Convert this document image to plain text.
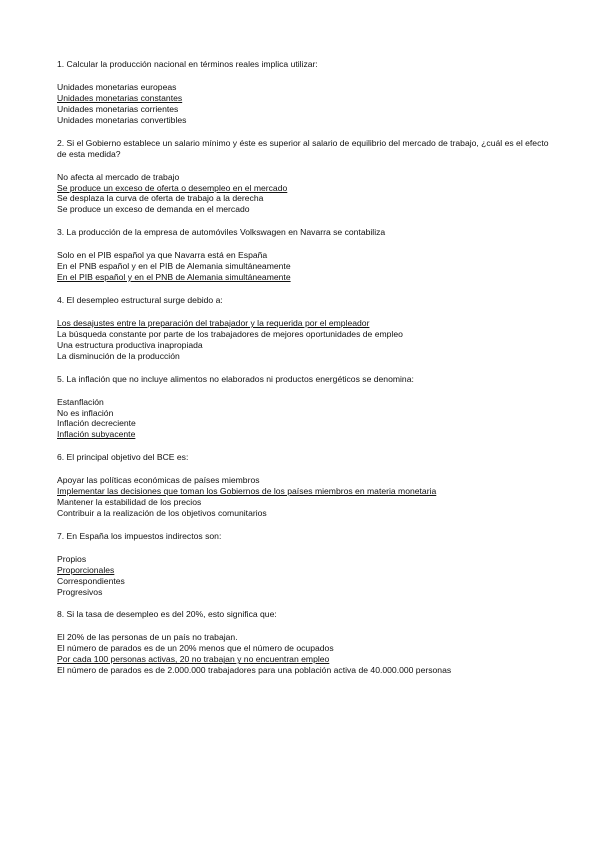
1. Calcular la producción nacional en términos reales implica utilizar:

Unidades monetarias europeas
Unidades monetarias constantes
Unidades monetarias corrientes
Unidades monetarias convertibles

2. Si el Gobierno establece un salario mínimo y éste es superior al salario de equilibrio del mercado de trabajo, ¿cuál es el efecto de esta medida?

No afecta al mercado de trabajo
Se produce un exceso de oferta o desempleo en el mercado
Se desplaza la curva de oferta de trabajo a la derecha
Se produce un exceso de demanda en el mercado

3. La producción de la empresa de automóviles Volkswagen en Navarra se contabiliza

Solo en el PIB español ya que Navarra está en España
En el PNB español y en el PIB de Alemania simultáneamente
En el PIB español y en el PNB de Alemania simultáneamente

4. El desempleo estructural surge debido a:

Los desajustes entre la preparación del trabajador y la requerida por el empleador
La búsqueda constante por parte de los trabajadores de mejores oportunidades de empleo
Una estructura productiva inapropiada
La disminución de la producción

5. La inflación que no incluye alimentos no elaborados ni productos energéticos se denomina:

Estanflación
No es inflación
Inflación decreciente
Inflación subyacente

6. El principal objetivo del BCE es:

Apoyar las políticas económicas de países miembros
Implementar las decisiones que toman los Gobiernos de los países miembros en materia monetaria
Mantener la estabilidad de los precios
Contribuir a la realización de los objetivos comunitarios

7. En España los impuestos indirectos son:

Propios
Proporcionales
Correspondientes
Progresivos

8. Si la tasa de desempleo es del 20%, esto significa que:

El 20% de las personas de un país no trabajan.
El número de parados es de un 20% menos que el número de ocupados
Por cada 100 personas activas, 20 no trabajan y no encuentran empleo
El número de parados es de 2.000.000 trabajadores para una población activa de 40.000.000 personas
